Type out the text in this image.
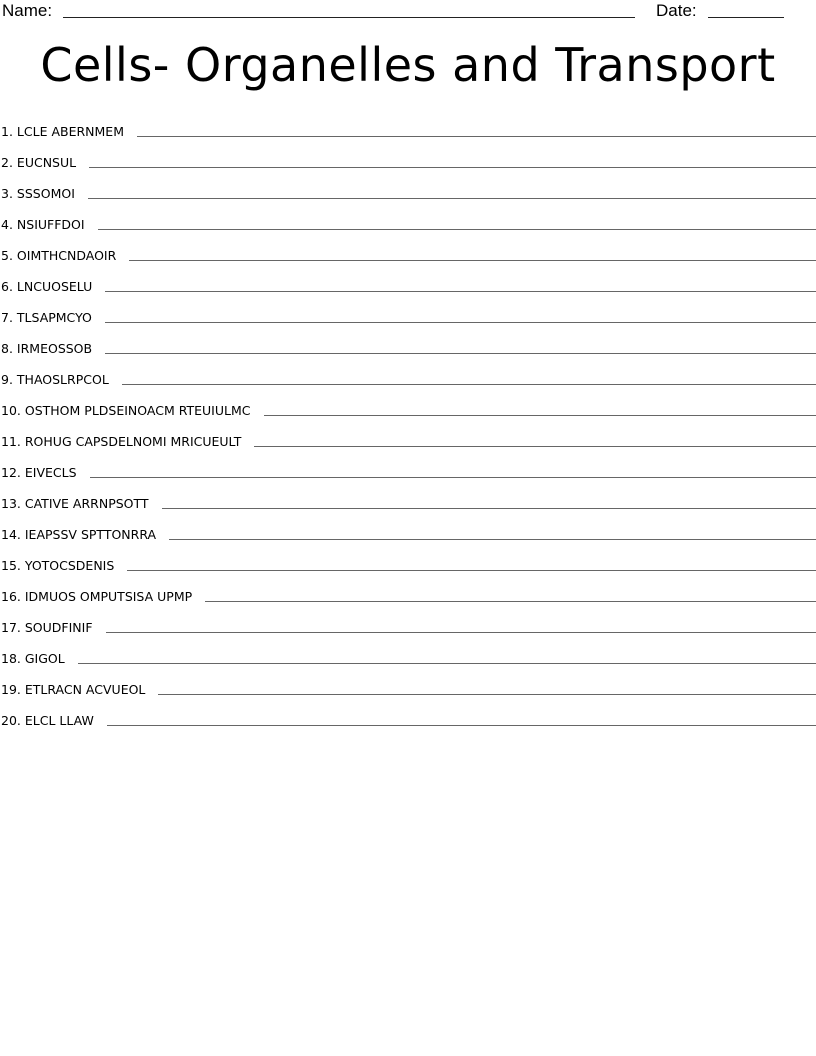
Name:	Date:
Cells- Organelles and Transport
1. LCLE ABERNMEM
2. EUCNSUL
3. SSSOMOI
4. NSIUFFDOI
5. OIMTHCNDAOIR
6. LNCUOSELU
7. TLSAPMCYO
8. IRMEOSSOB
9. THAOSLRPCOL
10. OSTHOM PLDSEINOACM RTEUIULMC
11. ROHUG CAPSDELNOMI MRICUEULT
12. EIVECLS
13. CATIVE ARRNPSOTT
14. IEAPSSV SPTTONRRA
15. YOTOCSDENIS
16. IDMUOS OMPUTSISA UPMP
17. SOUDFINIF
18. GIGOL
19. ETLRACN ACVUEOL
20. ELCL LLAW
